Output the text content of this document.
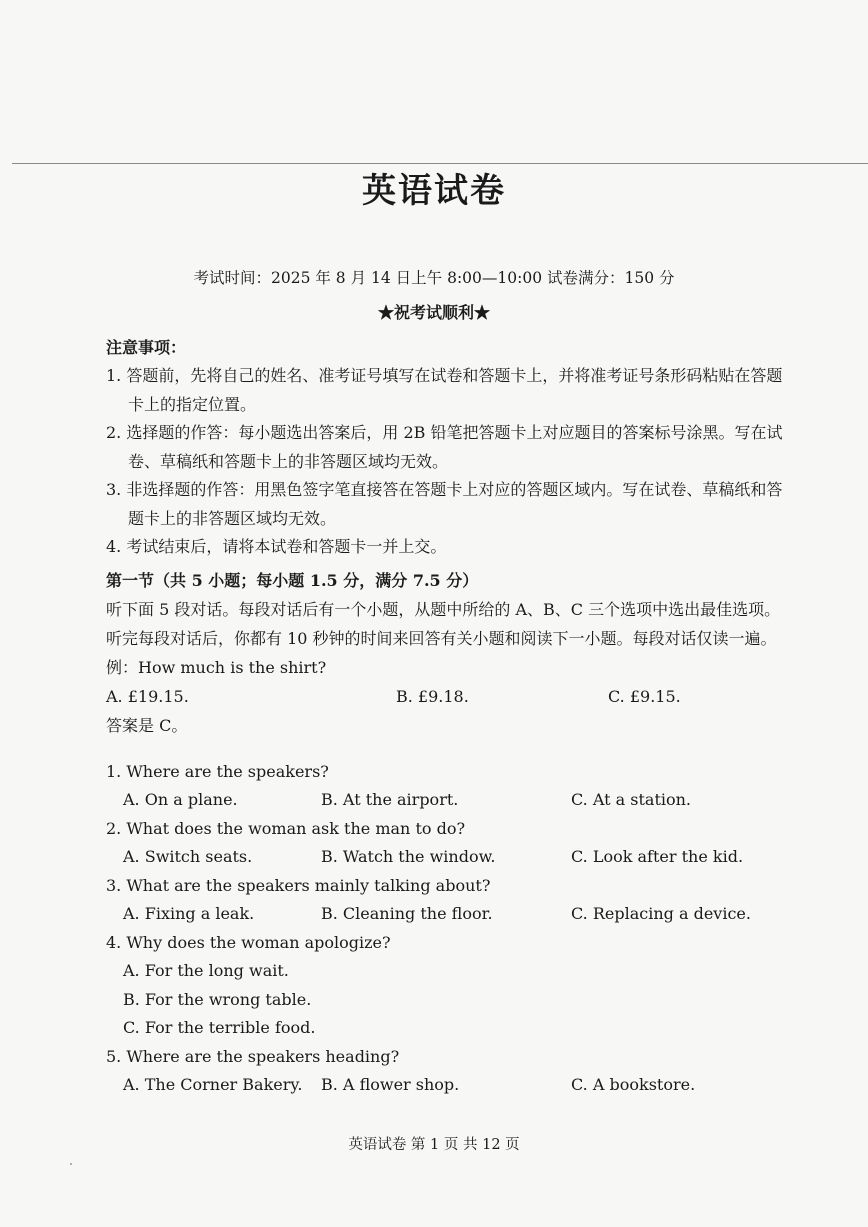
英语试卷
考试时间：2025 年 8 月 14 日上午 8:00—10:00 试卷满分：150 分
★祝考试顺利★
注意事项：
1. 答题前，先将自己的姓名、准考证号填写在试卷和答题卡上，并将准考证号条形码粘贴在答题卡上的指定位置。
2. 选择题的作答：每小题选出答案后，用 2B 铅笔把答题卡上对应题目的答案标号涂黑。写在试卷、草稿纸和答题卡上的非答题区域均无效。
3. 非选择题的作答：用黑色签字笔直接答在答题卡上对应的答题区域内。写在试卷、草稿纸和答题卡上的非答题区域均无效。
4. 考试结束后，请将本试卷和答题卡一并上交。
第一节（共 5 小题；每小题 1.5 分，满分 7.5 分）
听下面 5 段对话。每段对话后有一个小题，从题中所给的 A、B、C 三个选项中选出最佳选项。听完每段对话后，你都有 10 秒钟的时间来回答有关小题和阅读下一小题。每段对话仅读一遍。
例：How much is the shirt?
A. £19.15.	B. £9.18.	C. £9.15.
答案是 C。
1. Where are the speakers?
A. On a plane.	B. At the airport.	C. At a station.
2. What does the woman ask the man to do?
A. Switch seats.	B. Watch the window.	C. Look after the kid.
3. What are the speakers mainly talking about?
A. Fixing a leak.	B. Cleaning the floor.	C. Replacing a device.
4. Why does the woman apologize?
A. For the long wait.
B. For the wrong table.
C. For the terrible food.
5. Where are the speakers heading?
A. The Corner Bakery.	B. A flower shop.	C. A bookstore.
英语试卷 第 1 页 共 12 页
